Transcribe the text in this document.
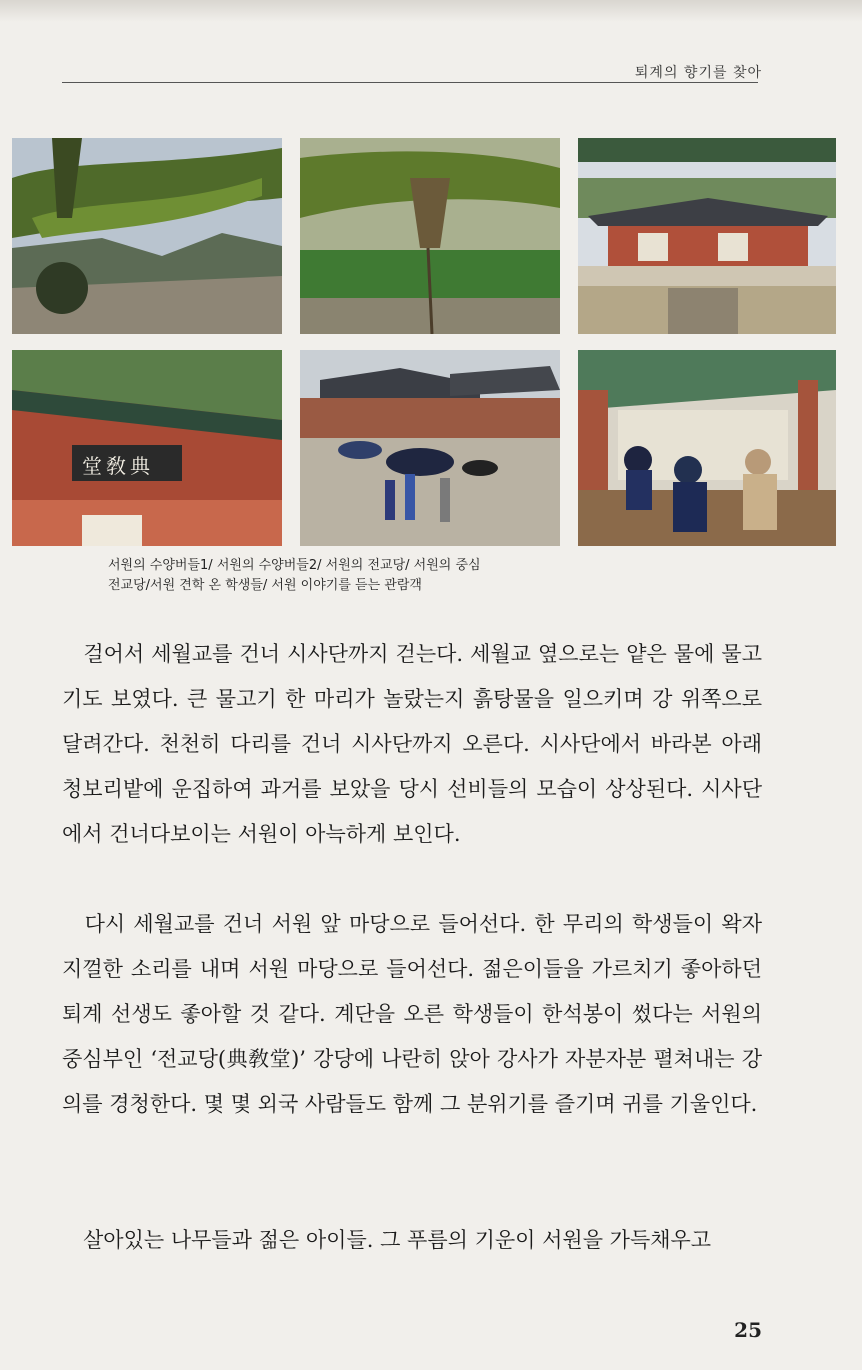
퇴계의 향기를 찾아
堂敎典
서원의 수양버들1/ 서원의 수양버들2/ 서원의 전교당/ 서원의 중심
전교당/서원 견학 온 학생들/ 서원 이야기를 듣는 관람객
　걸어서 세월교를 건너 시사단까지 걷는다. 세월교 옆으로는 얕은 물에 물고기도 보였다. 큰 물고기 한 마리가 놀랐는지 흙탕물을 일으키며 강 위쪽으로 달려간다. 천천히 다리를 건너 시사단까지 오른다. 시사단에서 바라본 아래 청보리밭에 운집하여 과거를 보았을 당시 선비들의 모습이 상상된다. 시사단에서 건너다보이는 서원이 아늑하게 보인다.
　다시 세월교를 건너 서원 앞 마당으로 들어선다. 한 무리의 학생들이 왁자지껄한 소리를 내며 서원 마당으로 들어선다. 젊은이들을 가르치기 좋아하던 퇴계 선생도 좋아할 것 같다. 계단을 오른 학생들이 한석봉이 썼다는 서원의 중심부인 ‘전교당(典敎堂)’ 강당에 나란히 앉아 강사가 자분자분 펼쳐내는 강의를 경청한다. 몇 몇 외국 사람들도 함께 그 분위기를 즐기며 귀를 기울인다.
　살아있는 나무들과 젊은 아이들. 그 푸름의 기운이 서원을 가득채우고
25
